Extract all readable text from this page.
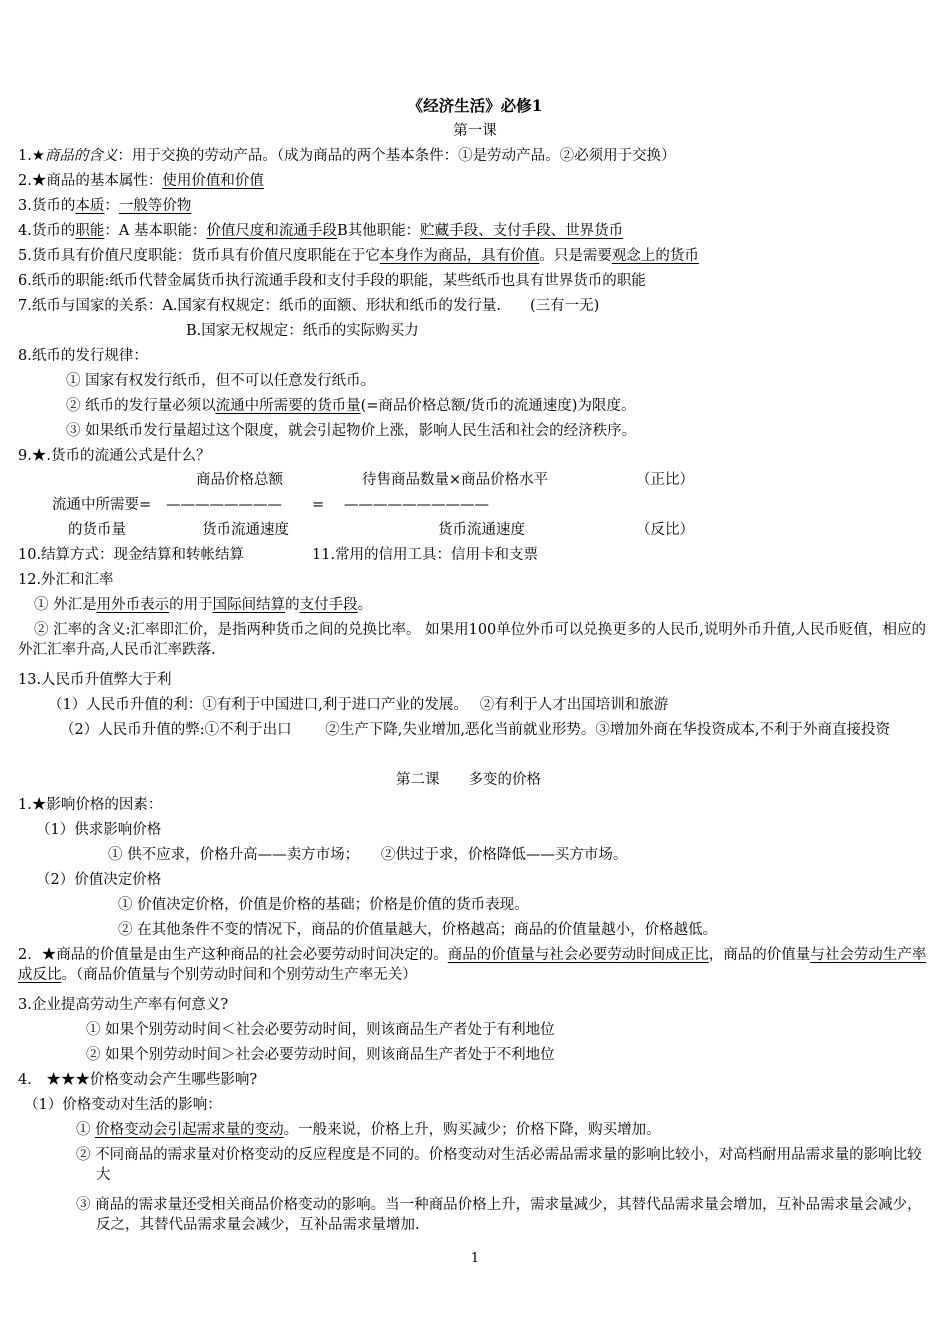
《经济生活》必修1
第一课
1.★商品的含义：用于交换的劳动产品。（成为商品的两个基本条件：①是劳动产品。②必须用于交换）
2.★商品的基本属性：使用价值和价值
3.货币的本质：一般等价物
4.货币的职能：A 基本职能：价值尺度和流通手段B其他职能：贮藏手段、支付手段、世界货币
5.货币具有价值尺度职能：货币具有价值尺度职能在于它本身作为商品，具有价值。只是需要观念上的货币
6.纸币的职能:纸币代替金属货币执行流通手段和支付手段的职能，某些纸币也具有世界货币的职能
7.纸币与国家的关系：A.国家有权规定：纸币的面额、形状和纸币的发行量.　　(三有一无)
B.国家无权规定：纸币的实际购买力
8.纸币的发行规律：
① 国家有权发行纸币，但不可以任意发行纸币。
② 纸币的发行量必须以流通中所需要的货币量(=商品价格总额/货币的流通速度)为限度。
③ 如果纸币发行量超过这个限度，就会引起物价上涨，影响人民生活和社会的经济秩序。
9.★.货币的流通公式是什么？
商品价格总额	待售商品数量×商品价格水平	（正比）
流通中所需要= ———————— = ——————————
的货币量	货币流通速度	货币流通速度	（反比）
10.结算方式：现金结算和转帐结算	11.常用的信用工具：信用卡和支票
12.外汇和汇率
① 外汇是用外币表示的用于国际间结算的支付手段。
② 汇率的含义:汇率即汇价，是指两种货币之间的兑换比率。 如果用100单位外币可以兑换更多的人民币,说明外币升值,人民币贬值，相应的外汇汇率升高,人民币汇率跌落.
13.人民币升值弊大于利
（1）人民币升值的利：①有利于中国进口,利于进口产业的发展。　 ②有利于人才出国培训和旅游
（2）人民币升值的弊:①不利于出口　　 ②生产下降,失业增加,恶化当前就业形势。③增加外商在华投资成本,不利于外商直接投资
第二课　　多变的价格
1.★影响价格的因素：
（1）供求影响价格
① 供不应求，价格升高——卖方市场；　　②供过于求，价格降低——买方市场。
（2）价值决定价格
① 价值决定价格，价值是价格的基础；价格是价值的货币表现。
② 在其他条件不变的情况下，商品的价值量越大，价格越高；商品的价值量越小，价格越低。
2．★商品的价值量是由生产这种商品的社会必要劳动时间决定的。商品的价值量与社会必要劳动时间成正比，商品的价值量与社会劳动生产率成反比。（商品价值量与个别劳动时间和个别劳动生产率无关）
3.企业提高劳动生产率有何意义?
① 如果个别劳动时间＜社会必要劳动时间，则该商品生产者处于有利地位
② 如果个别劳动时间＞社会必要劳动时间，则该商品生产者处于不利地位
4． ★★★价格变动会产生哪些影响?
（1）价格变动对生活的影响：
① 价格变动会引起需求量的变动。一般来说，价格上升，购买减少；价格下降，购买增加。
② 不同商品的需求量对价格变动的反应程度是不同的。价格变动对生活必需品需求量的影响比较小，对高档耐用品需求量的影响比较大
③ 商品的需求量还受相关商品价格变动的影响。当一种商品价格上升，需求量减少，其替代品需求量会增加，互补品需求量会减少，反之，其替代品需求量会减少，互补品需求量增加.
1
